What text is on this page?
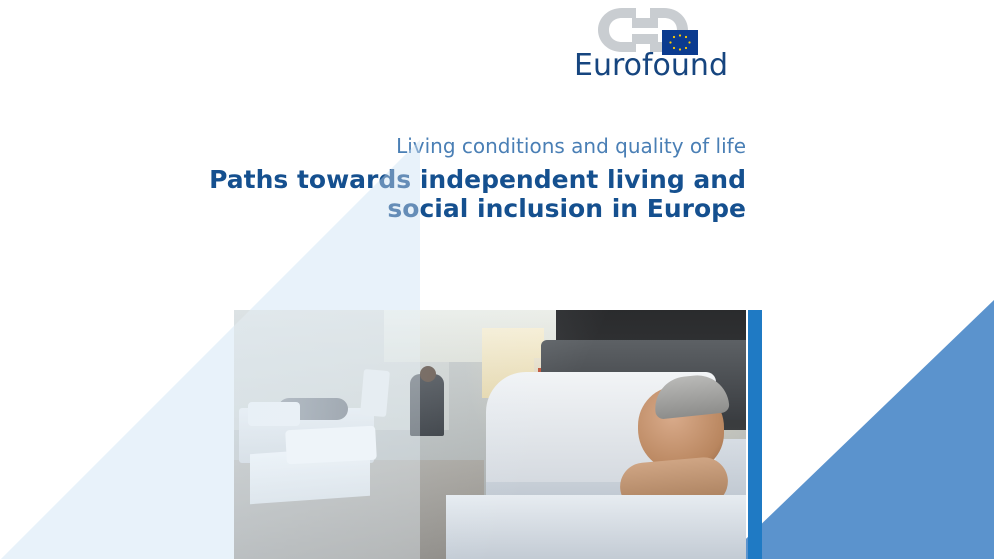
Eurofound
Living conditions and quality of life
Paths towards independent living and
social inclusion in Europe
